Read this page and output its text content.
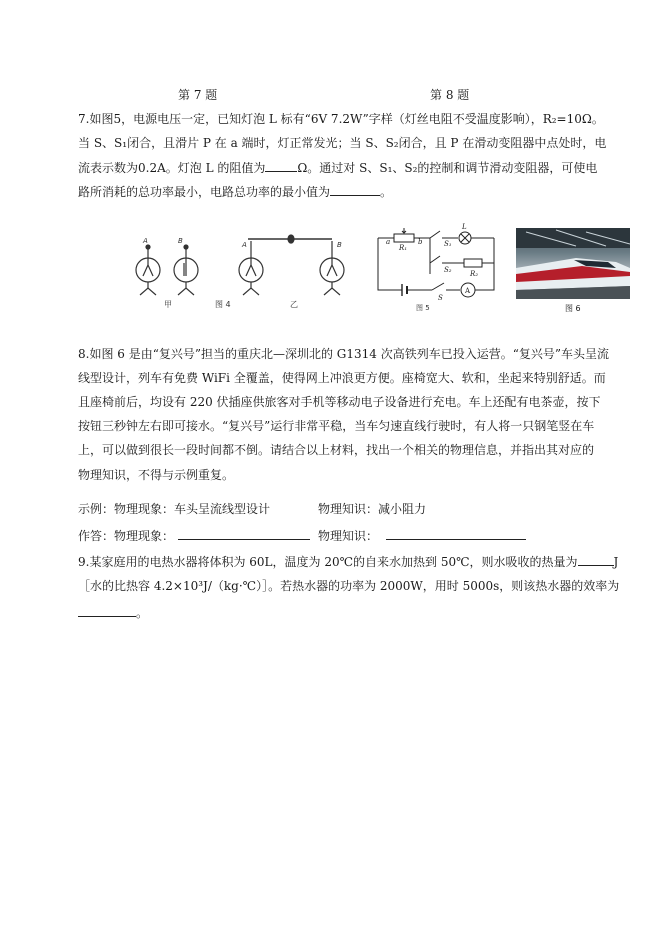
第 7 题	第 8 题
7.如图5，电源电压一定，已知灯泡 L 标有“6V 7.2W”字样（灯丝电阻不受温度影响），R₂=10Ω。
当 S、S₁闭合，且滑片 P 在 a 端时，灯正常发光；当 S、S₂闭合，且 P 在滑动变阻器中点处时，电
流表示数为0.2A。灯泡 L 的阻值为	Ω。通过对 S、S₁、S₂的控制和调节滑动变阻器，可使电
路所消耗的总功率最小，电路总功率的最小值为	。
A	B	A	B
甲	图 4	乙
a
R₁
b	S₁
L
S₂	R₂
S
A
图 5	图 6
8.如图 6 是由“复兴号”担当的重庆北—深圳北的 G1314 次高铁列车已投入运营。“复兴号”车头呈流
线型设计，列车有免费 WiFi 全覆盖，使得网上冲浪更方便。座椅宽大、软和，坐起来特别舒适。而
且座椅前后，均设有 220 伏插座供旅客对手机等移动电子设备进行充电。车上还配有电茶壶，按下
按钮三秒钟左右即可接水。“复兴号”运行非常平稳，当车匀速直线行驶时，有人将一只钢笔竖在车
上，可以做到很长一段时间都不倒。请结合以上材料，找出一个相关的物理信息，并指出其对应的
物理知识，不得与示例重复。
示例：物理现象：车头呈流线型设计	物理知识：减小阻力
作答：物理现象：	物理知识：
9.某家庭用的电热水器将体积为 60L，温度为 20℃的自来水加热到 50℃，则水吸收的热量为	J
［水的比热容 4.2×10³J/（kg·℃）］。若热水器的功率为 2000W，用时 5000s，则该热水器的效率为
。
